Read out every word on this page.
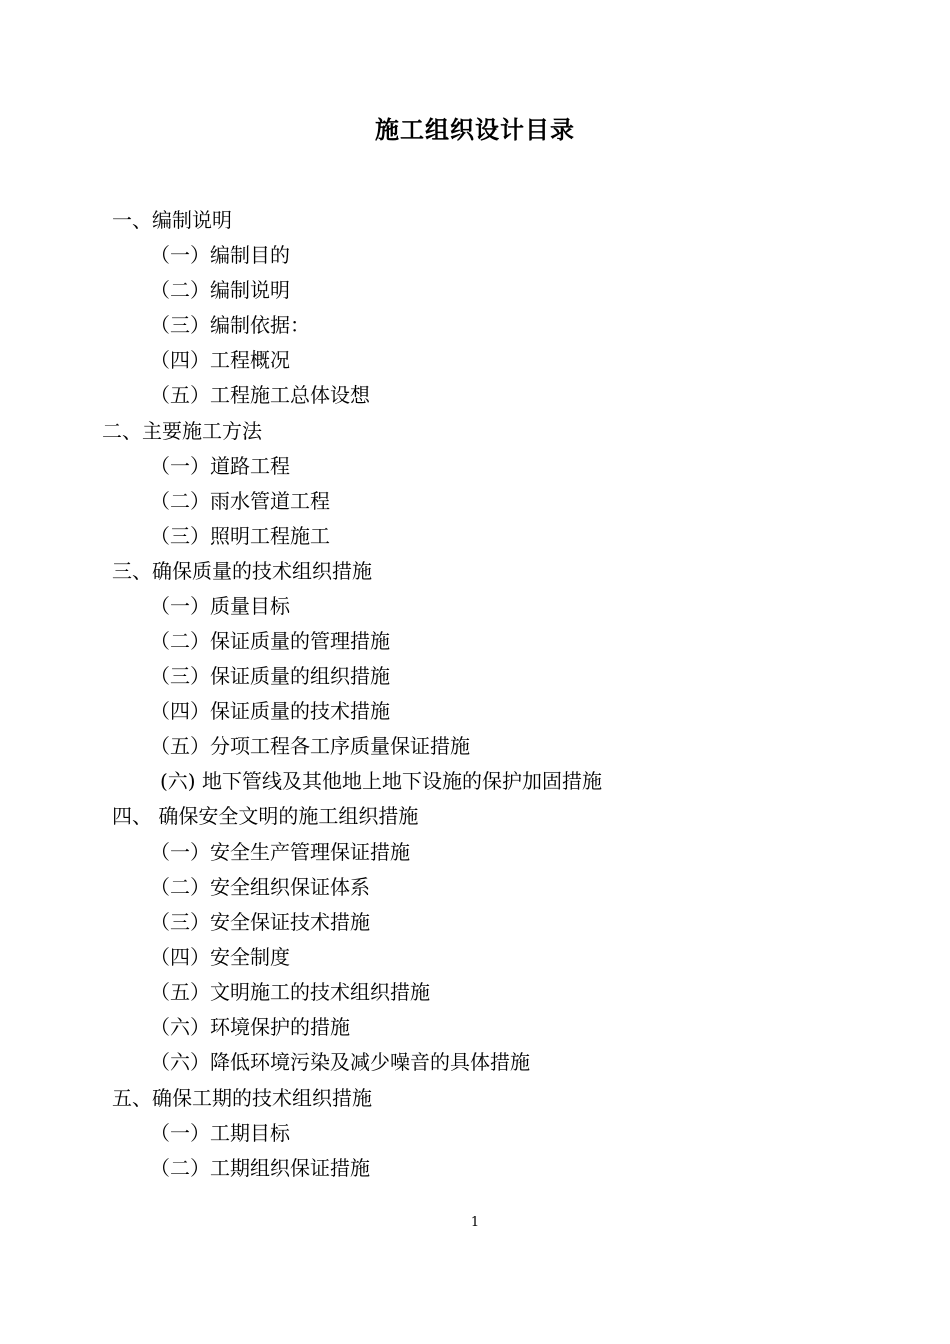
施工组织设计目录
一、编制说明
（一）编制目的
（二）编制说明
（三）编制依据：
（四）工程概况
（五）工程施工总体设想
二、主要施工方法
（一）道路工程
（二）雨水管道工程
（三）照明工程施工
三、确保质量的技术组织措施
（一）质量目标
（二）保证质量的管理措施
（三）保证质量的组织措施
（四）保证质量的技术措施
（五）分项工程各工序质量保证措施
(六) 地下管线及其他地上地下设施的保护加固措施
四、 确保安全文明的施工组织措施
（一）安全生产管理保证措施
（二）安全组织保证体系
（三）安全保证技术措施
（四）安全制度
（五）文明施工的技术组织措施
（六）环境保护的措施
（六）降低环境污染及减少噪音的具体措施
五、确保工期的技术组织措施
（一）工期目标
（二）工期组织保证措施
1
